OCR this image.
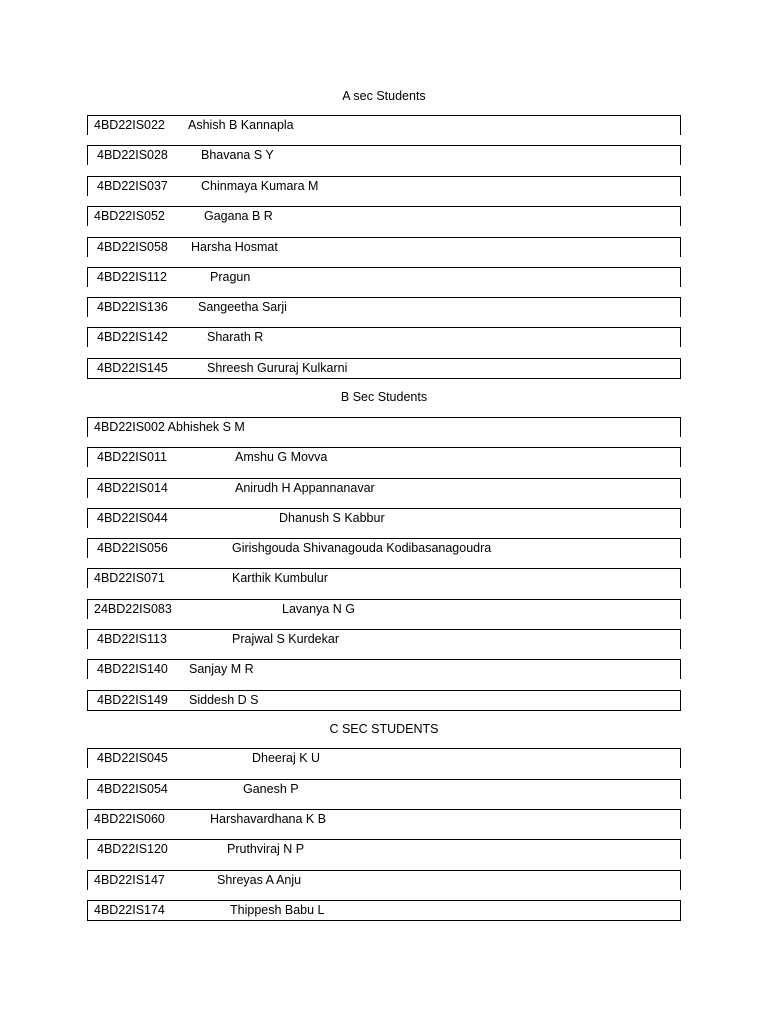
A sec Students
4BD22IS022 Ashish B Kannapla
4BD22IS028	Bhavana S Y
4BD22IS037	Chinmaya Kumara M
4BD22IS052	Gagana B R
4BD22IS058 Harsha Hosmat
4BD22IS112	Pragun
4BD22IS136 Sangeetha Sarji
4BD22IS142	Sharath R
4BD22IS145	Shreesh Gururaj Kulkarni
B Sec Students
4BD22IS002 Abhishek S M
4BD22IS011	Amshu G Movva
4BD22IS014	Anirudh H Appannanavar
4BD22IS044	Dhanush S Kabbur
4BD22IS056	Girishgouda Shivanagouda Kodibasanagoudra
4BD22IS071	Karthik Kumbulur
24BD22IS083	Lavanya N G
4BD22IS113	Prajwal S Kurdekar
4BD22IS140 Sanjay M R
4BD22IS149 Siddesh D S
C SEC STUDENTS
4BD22IS045	Dheeraj K U
4BD22IS054	Ganesh P
4BD22IS060	Harshavardhana K B
4BD22IS120	Pruthviraj N P
4BD22IS147	Shreyas A Anju
4BD22IS174	Thippesh Babu L
